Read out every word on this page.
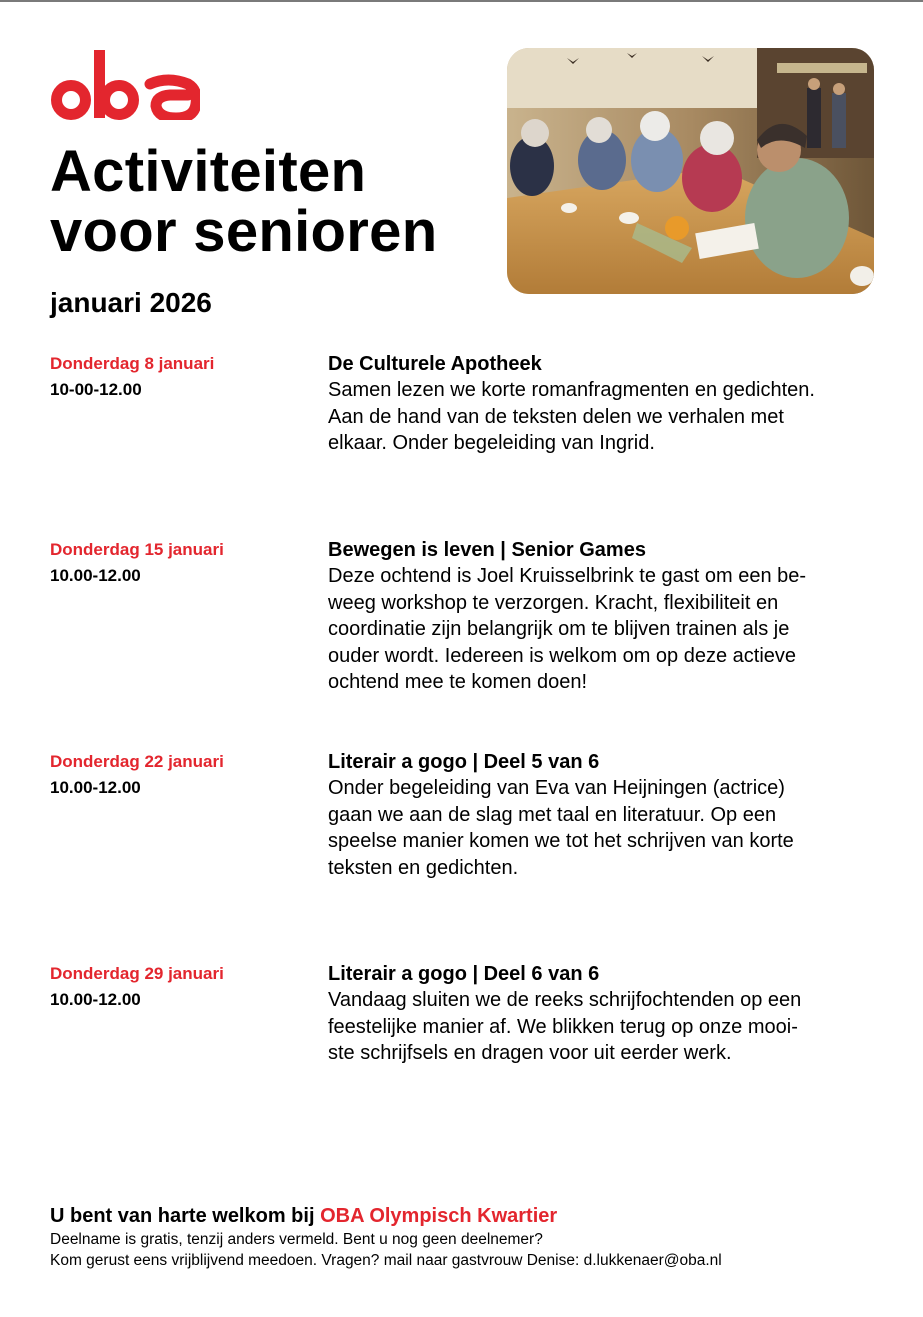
Activiteiten
voor senioren
januari 2026
Donderdag 8 januari
10-00-12.00
De Culturele Apotheek
Samen lezen we korte romanfragmenten en gedichten.
Aan de hand van de teksten delen we verhalen met
elkaar. Onder begeleiding van Ingrid.
Donderdag 15 januari
10.00-12.00
Bewegen is leven | Senior Games
Deze ochtend is Joel Kruisselbrink te gast om een be-
weeg workshop te verzorgen. Kracht, flexibiliteit en
coordinatie zijn belangrijk om te blijven trainen als je
ouder wordt. Iedereen is welkom om op deze actieve
ochtend mee te komen doen!
Donderdag 22 januari
10.00-12.00
Literair a gogo | Deel 5 van 6
Onder begeleiding van Eva van Heijningen (actrice)
gaan we aan de slag met taal en literatuur. Op een
speelse manier komen we tot het schrijven van korte
teksten en gedichten.
Donderdag 29 januari
10.00-12.00
Literair a gogo | Deel 6 van 6
Vandaag sluiten we de reeks schrijfochtenden op een
feestelijke manier af. We blikken terug op onze mooi-
ste schrijfsels en dragen voor uit eerder werk.
U bent van harte welkom bij OBA Olympisch Kwartier
Deelname is gratis, tenzij anders vermeld. Bent u nog geen deelnemer?
Kom gerust eens vrijblijvend meedoen. Vragen? mail naar gastvrouw Denise: d.lukkenaer@oba.nl
